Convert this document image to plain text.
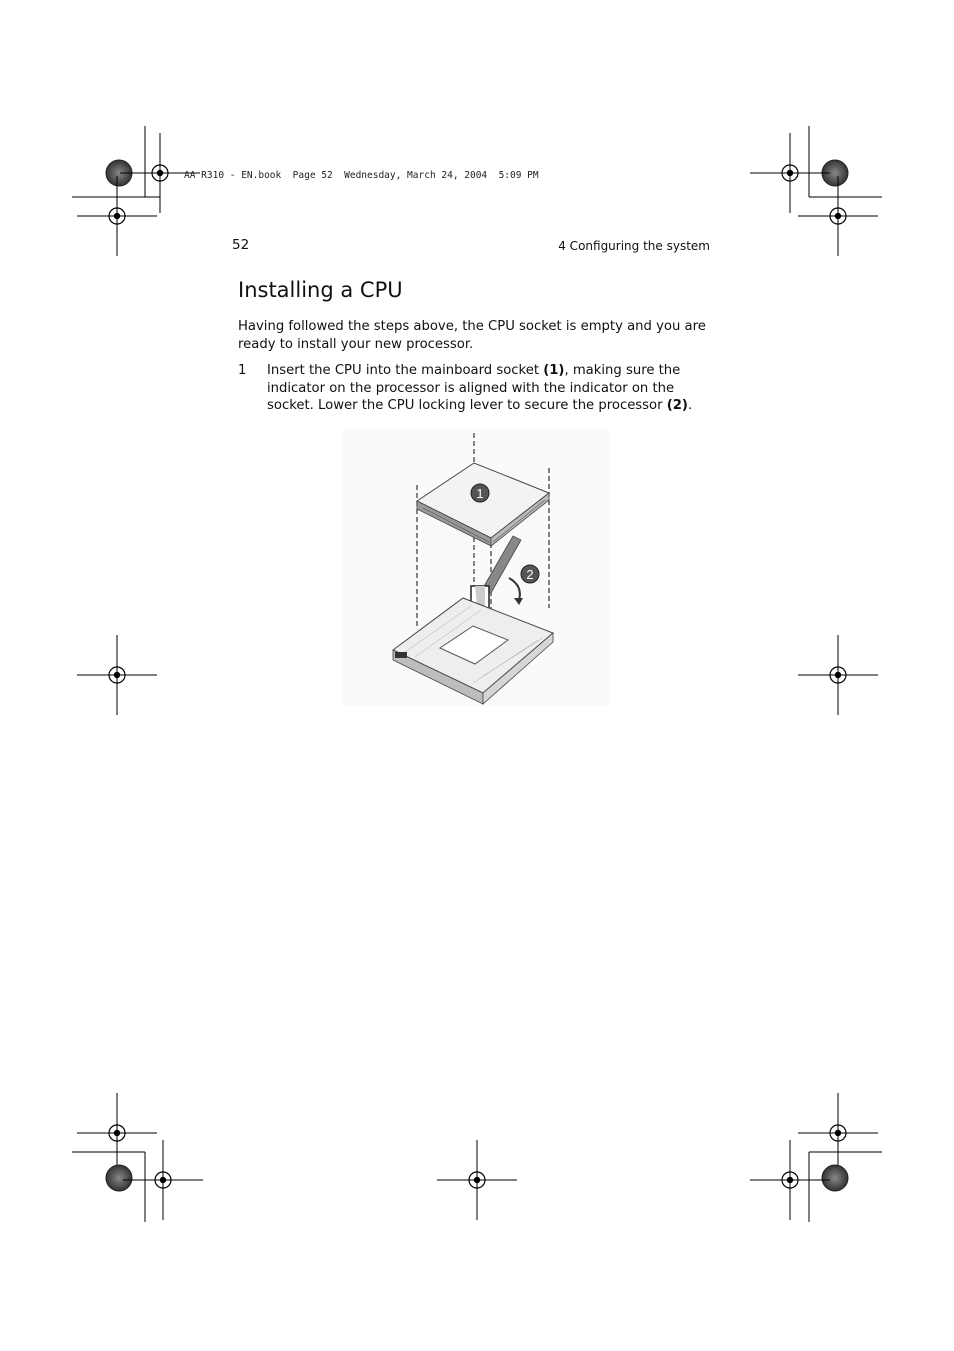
AA R310 - EN.book  Page 52  Wednesday, March 24, 2004  5:09 PM
52	4 Configuring the system
Installing a CPU

Having followed the steps above, the CPU socket is empty and you are ready to install your new processor.

1 Insert the CPU into the mainboard socket (1), making sure the indicator on the processor is aligned with the indicator on the socket. Lower the CPU locking lever to secure the processor (2).
1
2
